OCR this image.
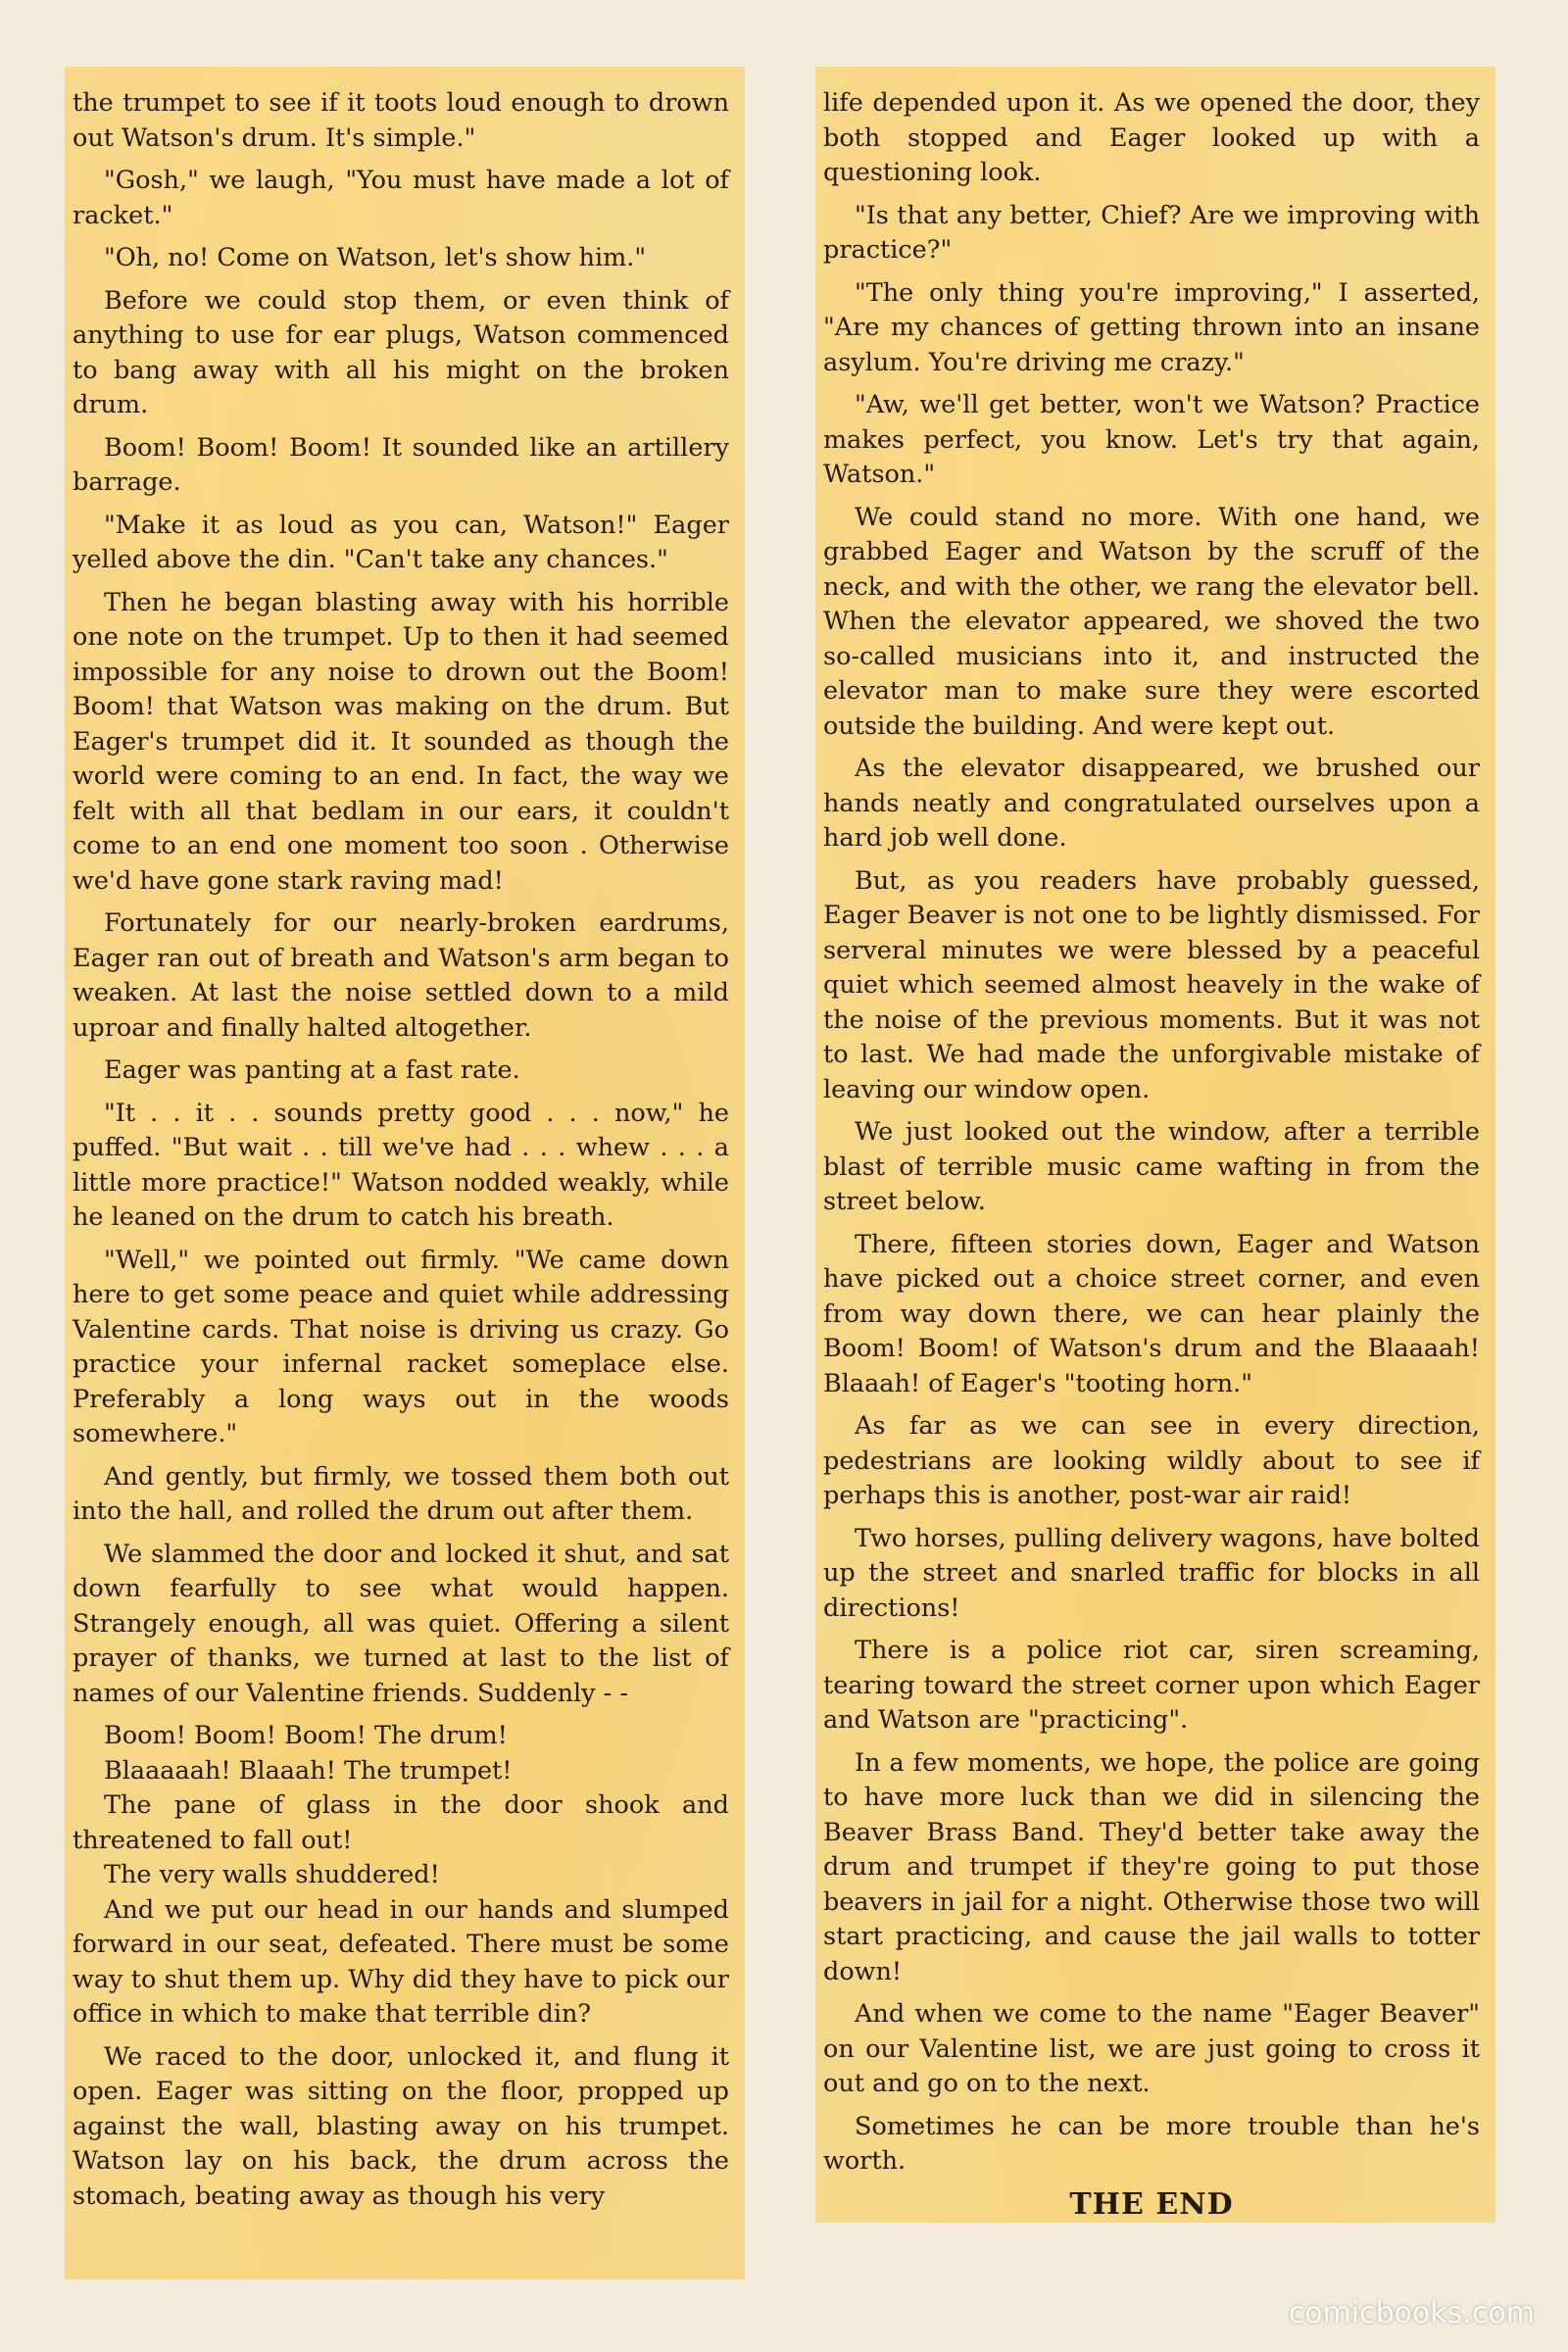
the trumpet to see if it toots loud enough to drown out Watson's drum. It's simple."

"Gosh," we laugh, "You must have made a lot of racket."

"Oh, no! Come on Watson, let's show him."

Before we could stop them, or even think of anything to use for ear plugs, Watson commenced to bang away with all his might on the broken drum.

Boom! Boom! Boom! It sounded like an artillery barrage.

"Make it as loud as you can, Watson!" Eager yelled above the din. "Can't take any chances."

Then he began blasting away with his horrible one note on the trumpet. Up to then it had seemed impossible for any noise to drown out the Boom! Boom! that Watson was making on the drum. But Eager's trumpet did it. It sounded as though the world were coming to an end. In fact, the way we felt with all that bedlam in our ears, it couldn't come to an end one moment too soon . Otherwise we'd have gone stark raving mad!

Fortunately for our nearly-broken eardrums, Eager ran out of breath and Watson's arm began to weaken. At last the noise settled down to a mild uproar and finally halted altogether.

Eager was panting at a fast rate.

"It . . it . . sounds pretty good . . . now," he puffed. "But wait . . till we've had . . . whew . . . a little more practice!" Watson nodded weakly, while he leaned on the drum to catch his breath.

"Well," we pointed out firmly. "We came down here to get some peace and quiet while addressing Valentine cards. That noise is driving us crazy. Go practice your infernal racket someplace else. Preferably a long ways out in the woods somewhere."

And gently, but firmly, we tossed them both out into the hall, and rolled the drum out after them.

We slammed the door and locked it shut, and sat down fearfully to see what would happen. Strangely enough, all was quiet. Offering a silent prayer of thanks, we turned at last to the list of names of our Valentine friends. Suddenly - -

Boom! Boom! Boom! The drum!

Blaaaaah! Blaaah! The trumpet!

The pane of glass in the door shook and threatened to fall out!

The very walls shuddered!

And we put our head in our hands and slumped forward in our seat, defeated. There must be some way to shut them up. Why did they have to pick our office in which to make that terrible din?

We raced to the door, unlocked it, and flung it open. Eager was sitting on the floor, propped up against the wall, blasting away on his trumpet. Watson lay on his back, the drum across the stomach, beating away as though his very

life depended upon it. As we opened the door, they both stopped and Eager looked up with a questioning look.

"Is that any better, Chief? Are we improving with practice?"

"The only thing you're improving," I asserted, "Are my chances of getting thrown into an insane asylum. You're driving me crazy."

"Aw, we'll get better, won't we Watson? Practice makes perfect, you know. Let's try that again, Watson."

We could stand no more. With one hand, we grabbed Eager and Watson by the scruff of the neck, and with the other, we rang the elevator bell. When the elevator appeared, we shoved the two so-called musicians into it, and instructed the elevator man to make sure they were escorted outside the building. And were kept out.

As the elevator disappeared, we brushed our hands neatly and congratulated ourselves upon a hard job well done.

But, as you readers have probably guessed, Eager Beaver is not one to be lightly dismissed. For serveral minutes we were blessed by a peaceful quiet which seemed almost heavely in the wake of the noise of the previous moments. But it was not to last. We had made the unforgivable mistake of leaving our window open.

We just looked out the window, after a terrible blast of terrible music came wafting in from the street below.

There, fifteen stories down, Eager and Watson have picked out a choice street corner, and even from way down there, we can hear plainly the Boom! Boom! of Watson's drum and the Blaaaah! Blaaah! of Eager's "tooting horn."

As far as we can see in every direction, pedestrians are looking wildly about to see if perhaps this is another, post-war air raid!

Two horses, pulling delivery wagons, have bolted up the street and snarled traffic for blocks in all directions!

There is a police riot car, siren screaming, tearing toward the street corner upon which Eager and Watson are "practicing".

In a few moments, we hope, the police are going to have more luck than we did in silencing the Beaver Brass Band. They'd better take away the drum and trumpet if they're going to put those beavers in jail for a night. Otherwise those two will start practicing, and cause the jail walls to totter down!

And when we come to the name "Eager Beaver" on our Valentine list, we are just going to cross it out and go on to the next.

Sometimes he can be more trouble than he's worth.

THE END

comicbooks.com
